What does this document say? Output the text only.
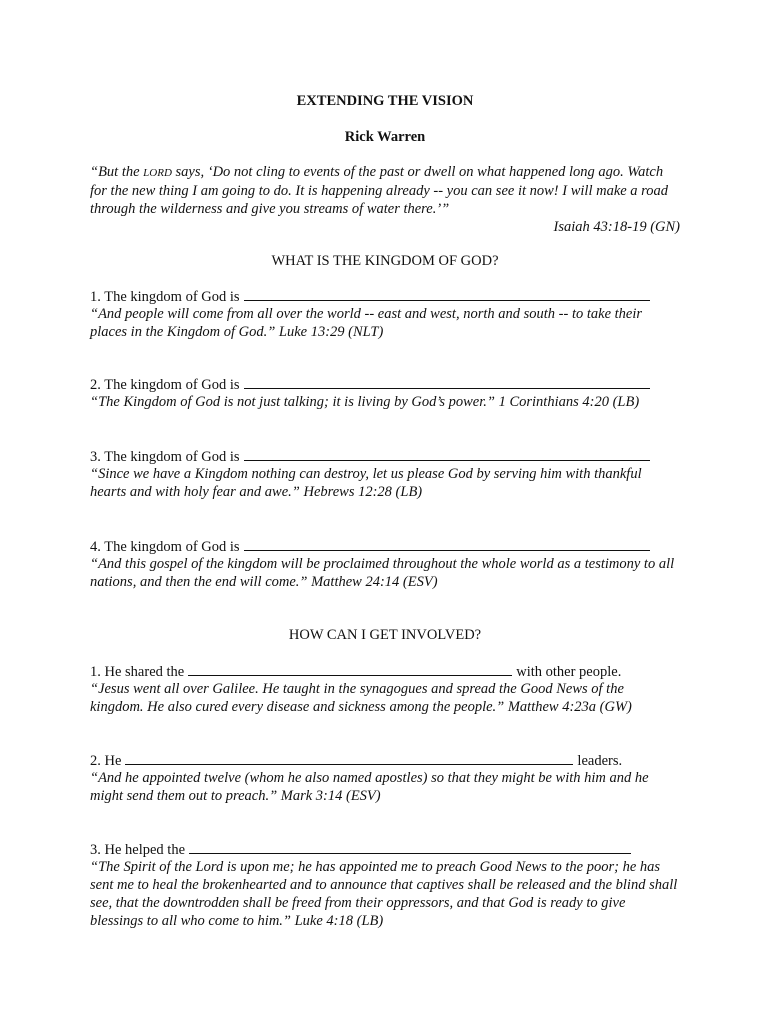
EXTENDING THE VISION
Rick Warren
“But the LORD says, ‘Do not cling to events of the past or dwell on what happened long ago. Watch for the new thing I am going to do. It is happening already -- you can see it now! I will make a road through the wilderness and give you streams of water there.’”
Isaiah 43:18-19 (GN)
WHAT IS THE KINGDOM OF GOD?
1. The kingdom of God is
“And people will come from all over the world -- east and west, north and south -- to take their places in the Kingdom of God.” Luke 13:29 (NLT)
2. The kingdom of God is
“The Kingdom of God is not just talking; it is living by God’s power.” 1 Corinthians 4:20 (LB)
3. The kingdom of God is
“Since we have a Kingdom nothing can destroy, let us please God by serving him with thankful hearts and with holy fear and awe.” Hebrews 12:28 (LB)
4. The kingdom of God is
“And this gospel of the kingdom will be proclaimed throughout the whole world as a testimony to all nations, and then the end will come.” Matthew 24:14 (ESV)
HOW CAN I GET INVOLVED?
1. He shared the	with other people.
“Jesus went all over Galilee. He taught in the synagogues and spread the Good News of the kingdom. He also cured every disease and sickness among the people.” Matthew 4:23a (GW)
2. He	leaders.
“And he appointed twelve (whom he also named apostles) so that they might be with him and he might send them out to preach.” Mark 3:14 (ESV)
3. He helped the
“The Spirit of the Lord is upon me; he has appointed me to preach Good News to the poor; he has sent me to heal the brokenhearted and to announce that captives shall be released and the blind shall see, that the downtrodden shall be freed from their oppressors, and that God is ready to give blessings to all who come to him.” Luke 4:18 (LB)
